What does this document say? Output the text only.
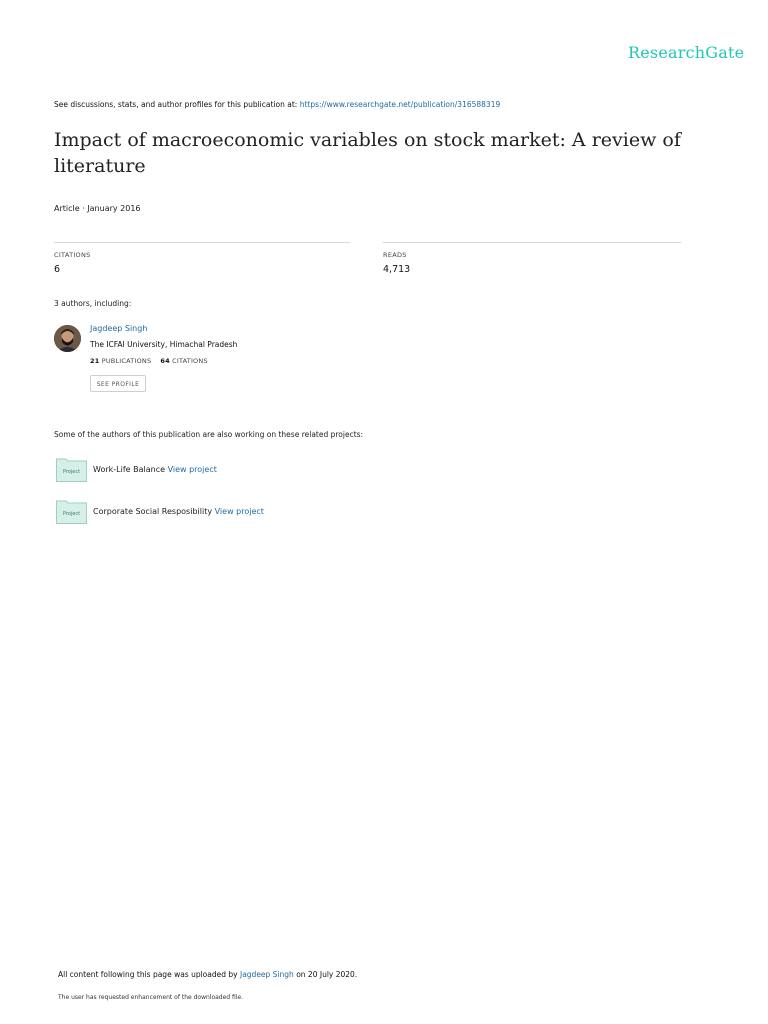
ResearchGate
See discussions, stats, and author profiles for this publication at: https://www.researchgate.net/publication/316588319
Impact of macroeconomic variables on stock market: A review of literature
Article · January 2016
CITATIONS
6
READS
4,713
3 authors, including:
Jagdeep Singh
The ICFAI University, Himachal Pradesh
21 PUBLICATIONS 64 CITATIONS
SEE PROFILE
Some of the authors of this publication are also working on these related projects:
Project Work-Life Balance View project
Project Corporate Social Resposibility View project
All content following this page was uploaded by Jagdeep Singh on 20 July 2020.
The user has requested enhancement of the downloaded file.
